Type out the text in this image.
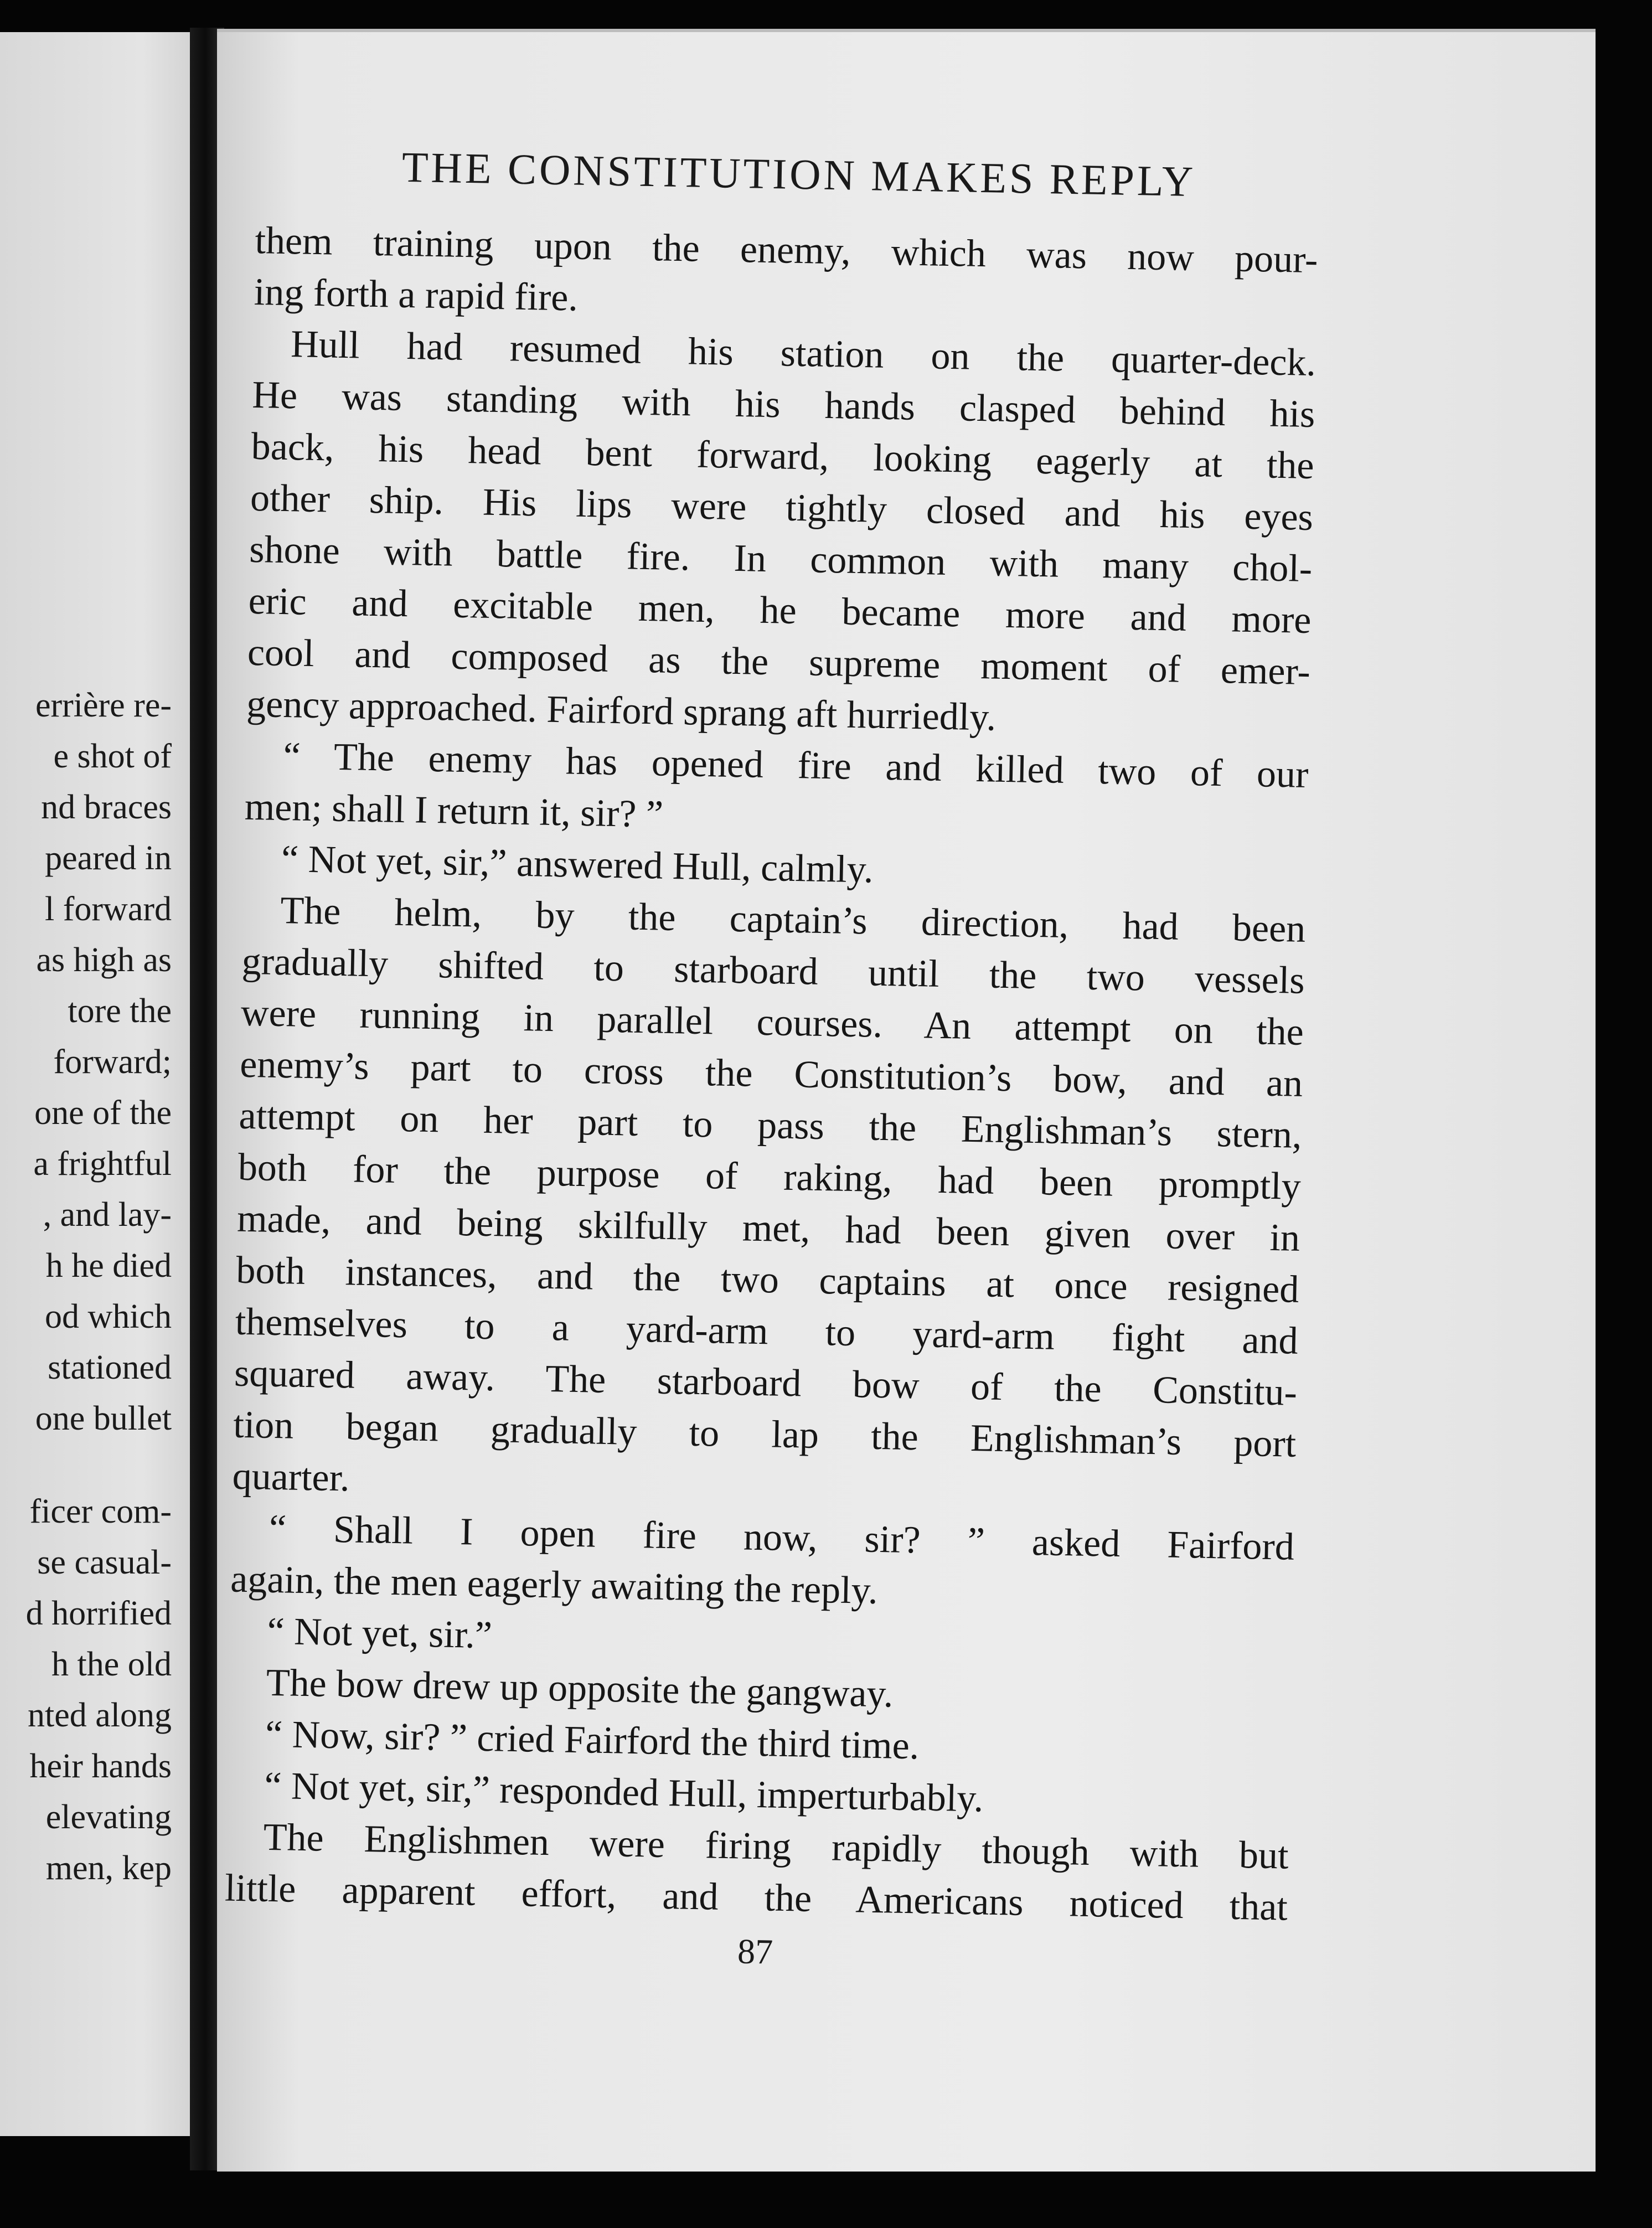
errière re-
e shot of
nd braces
peared in
l forward
as high as
tore the
forward;
one of the
a frightful
, and lay-
h he died
od which
stationed
one bullet
ficer com-
se casual-
d horrified
h the old
nted along
heir hands
elevating
men, kep
THE CONSTITUTION MAKES REPLY
them training upon the enemy, which was now pour-
ing forth a rapid fire.
Hull had resumed his station on the quarter-deck.
He was standing with his hands clasped behind his
back, his head bent forward, looking eagerly at the
other ship. His lips were tightly closed and his eyes
shone with battle fire. In common with many chol-
eric and excitable men, he became more and more
cool and composed as the supreme moment of emer-
gency approached. Fairford sprang aft hurriedly.
“ The enemy has opened fire and killed two of our
men; shall I return it, sir? ”
“ Not yet, sir,” answered Hull, calmly.
The helm, by the captain’s direction, had been
gradually shifted to starboard until the two vessels
were running in parallel courses. An attempt on the
enemy’s part to cross the Constitution’s bow, and an
attempt on her part to pass the Englishman’s stern,
both for the purpose of raking, had been promptly
made, and being skilfully met, had been given over in
both instances, and the two captains at once resigned
themselves to a yard-arm to yard-arm fight and
squared away. The starboard bow of the Constitu-
tion began gradually to lap the Englishman’s port
quarter.
“ Shall I open fire now, sir? ” asked Fairford
again, the men eagerly awaiting the reply.
“ Not yet, sir.”
The bow drew up opposite the gangway.
“ Now, sir? ” cried Fairford the third time.
“ Not yet, sir,” responded Hull, imperturbably.
The Englishmen were firing rapidly though with but
little apparent effort, and the Americans noticed that
87
